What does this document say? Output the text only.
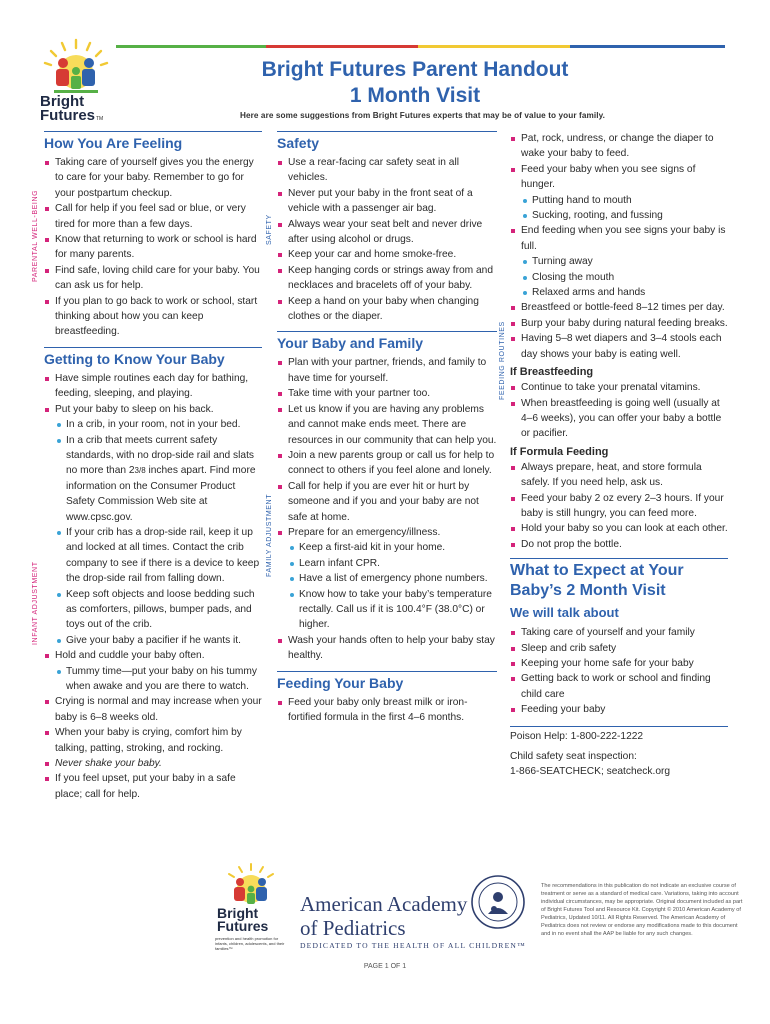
Bright
Futures TM
Bright Futures Parent Handout
1 Month Visit
Here are some suggestions from Bright Futures experts that may be of value to your family.
PARENTAL WELL-BEING
INFANT ADJUSTMENT
SAFETY
FAMILY ADJUSTMENT
FEEDING ROUTINES
How You Are Feeling
Taking care of yourself gives you the energy to care for your baby. Remember to go for your postpartum checkup.
Call for help if you feel sad or blue, or very tired for more than a few days.
Know that returning to work or school is hard for many parents.
Find safe, loving child care for your baby. You can ask us for help.
If you plan to go back to work or school, start thinking about how you can keep breastfeeding.
Getting to Know Your Baby
Have simple routines each day for bathing, feeding, sleeping, and playing.
Put your baby to sleep on his back.
In a crib, in your room, not in your bed.
In a crib that meets current safety standards, with no drop-side rail and slats no more than 23/8 inches apart. Find more information on the Consumer Product Safety Commission Web site at www.cpsc.gov.
If your crib has a drop-side rail, keep it up and locked at all times. Contact the crib company to see if there is a device to keep the drop-side rail from falling down.
Keep soft objects and loose bedding such as comforters, pillows, bumper pads, and toys out of the crib.
Give your baby a pacifier if he wants it.
Hold and cuddle your baby often.
Tummy time—put your baby on his tummy when awake and you are there to watch.
Crying is normal and may increase when your baby is 6–8 weeks old.
When your baby is crying, comfort him by talking, patting, stroking, and rocking.
Never shake your baby.
If you feel upset, put your baby in a safe place; call for help.
Safety
Use a rear-facing car safety seat in all vehicles.
Never put your baby in the front seat of a vehicle with a passenger air bag.
Always wear your seat belt and never drive after using alcohol or drugs.
Keep your car and home smoke-free.
Keep hanging cords or strings away from and necklaces and bracelets off of your baby.
Keep a hand on your baby when changing clothes or the diaper.
Your Baby and Family
Plan with your partner, friends, and family to have time for yourself.
Take time with your partner too.
Let us know if you are having any problems and cannot make ends meet. There are resources in our community that can help you.
Join a new parents group or call us for help to connect to others if you feel alone and lonely.
Call for help if you are ever hit or hurt by someone and if you and your baby are not safe at home.
Prepare for an emergency/illness.
Keep a first-aid kit in your home.
Learn infant CPR.
Have a list of emergency phone numbers.
Know how to take your baby’s temperature rectally. Call us if it is 100.4°F (38.0°C) or higher.
Wash your hands often to help your baby stay healthy.
Feeding Your Baby
Feed your baby only breast milk or iron-fortified formula in the first 4–6 months.
Pat, rock, undress, or change the diaper to wake your baby to feed.
Feed your baby when you see signs of hunger.
Putting hand to mouth
Sucking, rooting, and fussing
End feeding when you see signs your baby is full.
Turning away
Closing the mouth
Relaxed arms and hands
Breastfeed or bottle-feed 8–12 times per day.
Burp your baby during natural feeding breaks.
Having 5–8 wet diapers and 3–4 stools each day shows your baby is eating well.
If Breastfeeding
Continue to take your prenatal vitamins.
When breastfeeding is going well (usually at 4–6 weeks), you can offer your baby a bottle or pacifier.
If Formula Feeding
Always prepare, heat, and store formula safely. If you need help, ask us.
Feed your baby 2 oz every 2–3 hours. If your baby is still hungry, you can feed more.
Hold your baby so you can look at each other.
Do not prop the bottle.
What to Expect at Your Baby’s 2 Month Visit
We will talk about
Taking care of yourself and your family
Sleep and crib safety
Keeping your home safe for your baby
Getting back to work or school and finding child care
Feeding your baby
Poison Help: 1-800-222-1222
Child safety seat inspection:
1-866-SEATCHECK; seatcheck.org
Bright
Futures
prevention and health promotion for infants, children, adolescents, and their families™
American Academy
of Pediatrics
DEDICATED TO THE HEALTH OF ALL CHILDREN™
The recommendations in this publication do not indicate an exclusive course of treatment or serve as a standard of medical care. Variations, taking into account individual circumstances, may be appropriate. Original document included as part of Bright Futures Tool and Resource Kit. Copyright © 2010 American Academy of Pediatrics, Updated 10/11. All Rights Reserved. The American Academy of Pediatrics does not review or endorse any modifications made to this document and in no event shall the AAP be liable for any such changes.
PAGE 1 OF 1
